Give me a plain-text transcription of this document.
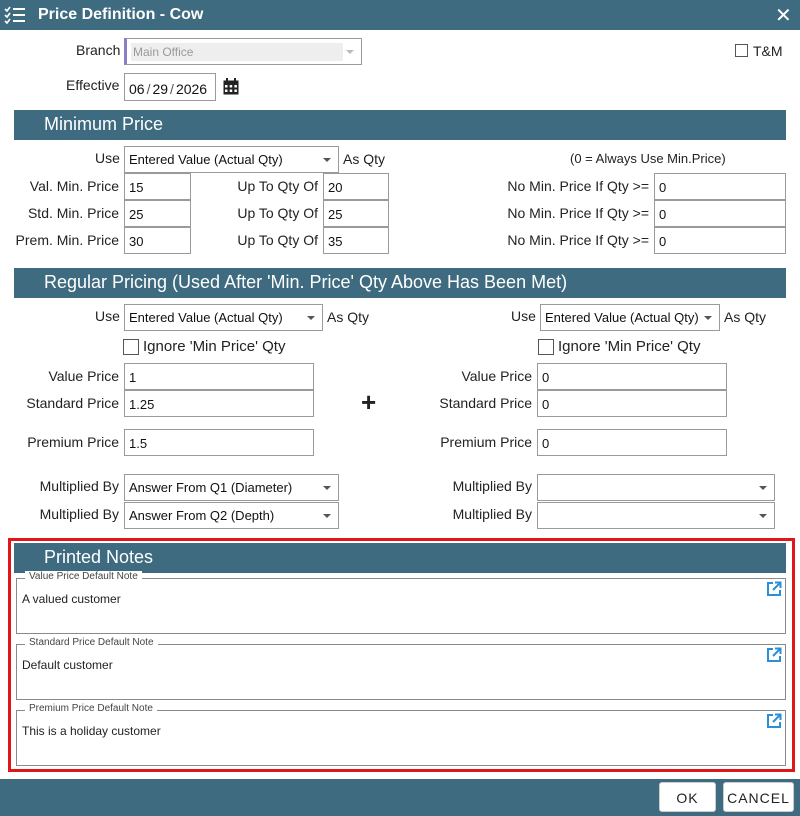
Price Definition - Cow	✕
Branch	Main Office	T&M
Effective 06 / 29 / 2026
Minimum Price
Use Entered Value (Actual Qty)	As Qty	(0 = Always Use Min.Price)
Val. Min. Price 15	Up To Qty Of 20	No Min. Price If Qty >= 0
Std. Min. Price 25	Up To Qty Of 25	No Min. Price If Qty >= 0
Prem. Min. Price 30	Up To Qty Of 35	No Min. Price If Qty >= 0
Regular Pricing (Used After 'Min. Price' Qty Above Has Been Met)
Use Entered Value (Actual Qty)	As Qty
Ignore 'Min Price' Qty
Value Price 1
Standard Price 1.25
Premium Price 1.5
+
Multiplied By Answer From Q1 (Diameter)
Multiplied By Answer From Q2 (Depth)
Use Entered Value (Actual Qty)	As Qty
Ignore 'Min Price' Qty
Value Price 0
Standard Price 0
Premium Price 0
Multiplied By
Multiplied By
Printed Notes
Value Price Default Note
A valued customer
Standard Price Default Note
Default customer
Premium Price Default Note
This is a holiday customer
OK	CANCEL
